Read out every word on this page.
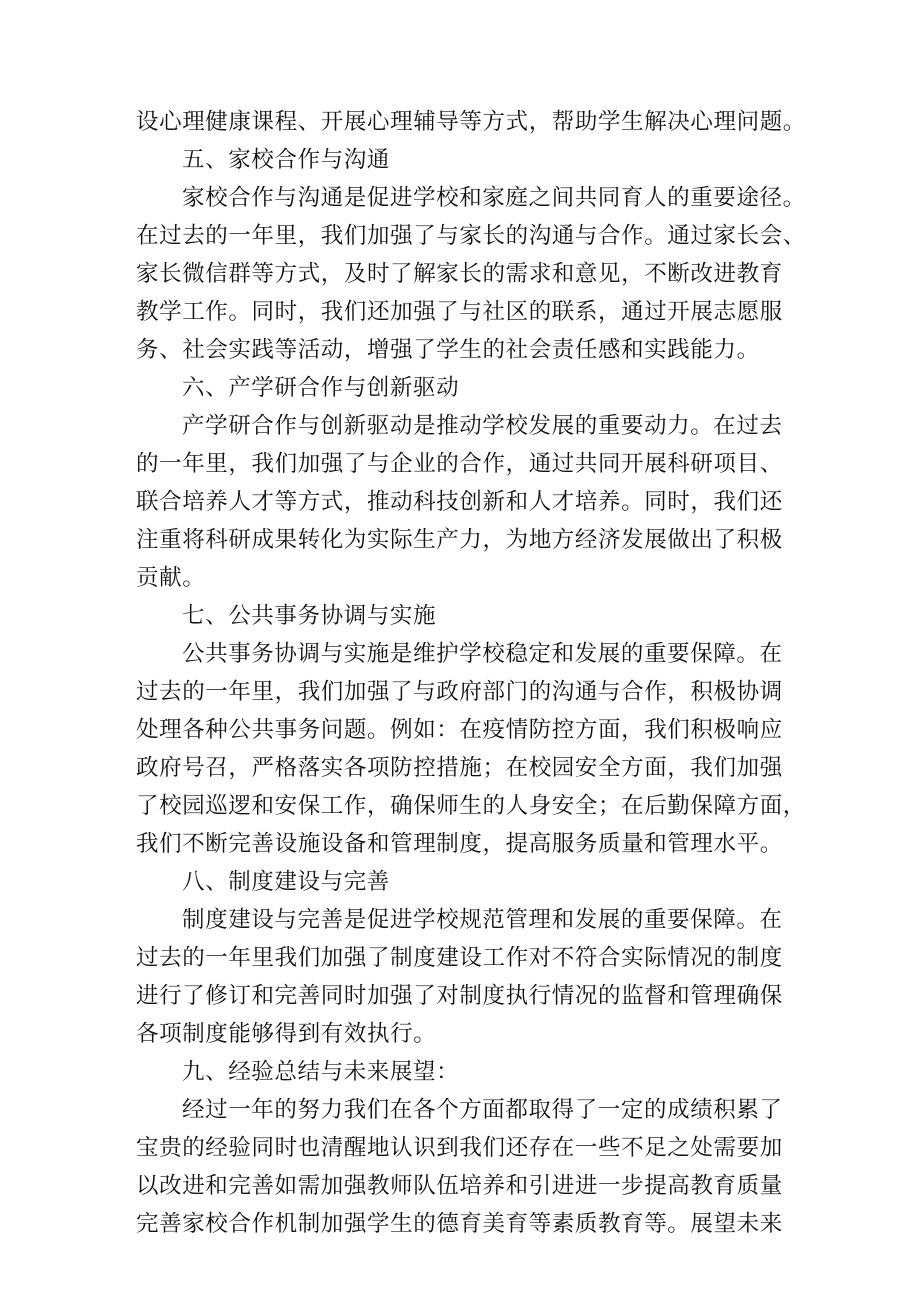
设心理健康课程、开展心理辅导等方式，帮助学生解决心理问题。
五、家校合作与沟通
家校合作与沟通是促进学校和家庭之间共同育人的重要途径。
在过去的一年里，我们加强了与家长的沟通与合作。通过家长会、
家长微信群等方式，及时了解家长的需求和意见，不断改进教育
教学工作。同时，我们还加强了与社区的联系，通过开展志愿服
务、社会实践等活动，增强了学生的社会责任感和实践能力。
六、产学研合作与创新驱动
产学研合作与创新驱动是推动学校发展的重要动力。在过去
的一年里，我们加强了与企业的合作，通过共同开展科研项目、
联合培养人才等方式，推动科技创新和人才培养。同时，我们还
注重将科研成果转化为实际生产力，为地方经济发展做出了积极
贡献。
七、公共事务协调与实施
公共事务协调与实施是维护学校稳定和发展的重要保障。在
过去的一年里，我们加强了与政府部门的沟通与合作，积极协调
处理各种公共事务问题。例如：在疫情防控方面，我们积极响应
政府号召，严格落实各项防控措施；在校园安全方面，我们加强
了校园巡逻和安保工作，确保师生的人身安全；在后勤保障方面，
我们不断完善设施设备和管理制度，提高服务质量和管理水平。
八、制度建设与完善
制度建设与完善是促进学校规范管理和发展的重要保障。在
过去的一年里我们加强了制度建设工作对不符合实际情况的制度
进行了修订和完善同时加强了对制度执行情况的监督和管理确保
各项制度能够得到有效执行。
九、经验总结与未来展望：
经过一年的努力我们在各个方面都取得了一定的成绩积累了
宝贵的经验同时也清醒地认识到我们还存在一些不足之处需要加
以改进和完善如需加强教师队伍培养和引进进一步提高教育质量
完善家校合作机制加强学生的德育美育等素质教育等。展望未来
